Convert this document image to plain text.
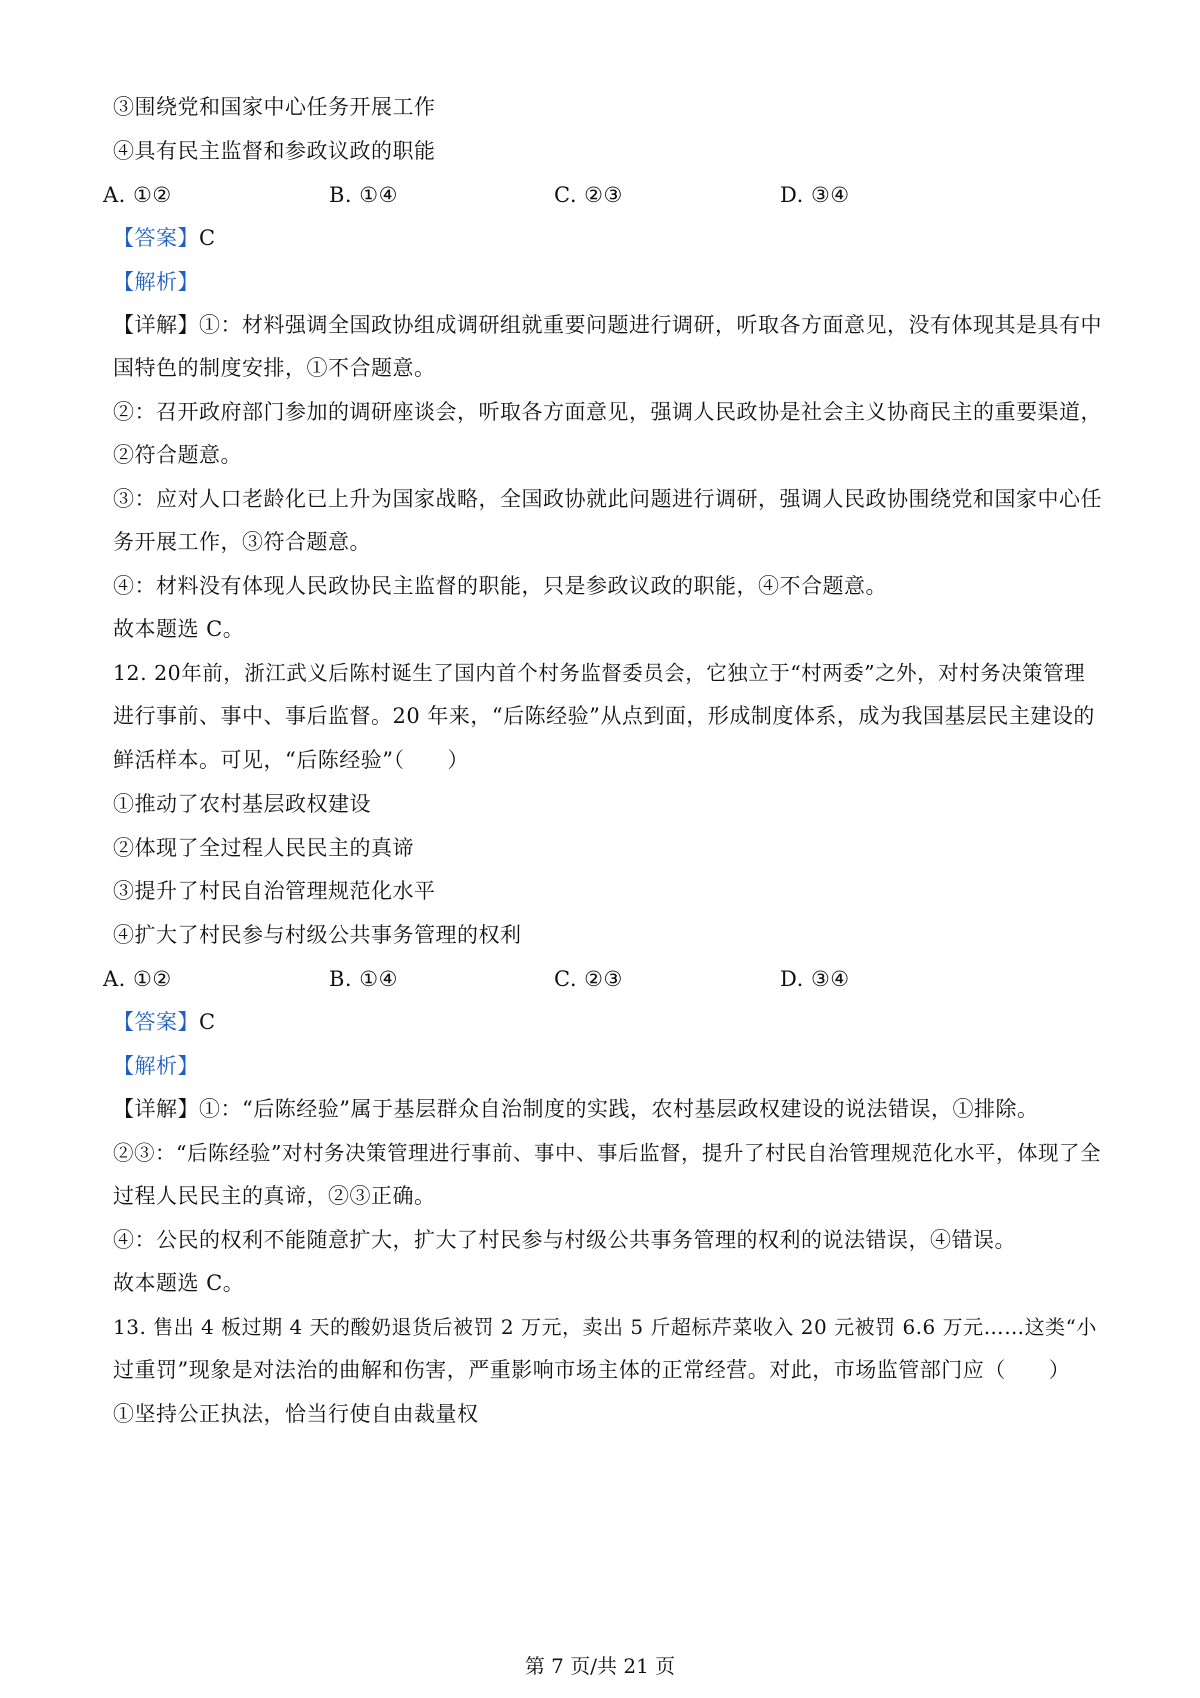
③围绕党和国家中心任务开展工作
④具有民主监督和参政议政的职能
A. ①②	B. ①④	C. ②③	D. ③④
【答案】C
【解析】
【详解】①：材料强调全国政协组成调研组就重要问题进行调研，听取各方面意见，没有体现其是具有中
国特色的制度安排，①不合题意。
②：召开政府部门参加的调研座谈会，听取各方面意见，强调人民政协是社会主义协商民主的重要渠道，
②符合题意。
③：应对人口老龄化已上升为国家战略，全国政协就此问题进行调研，强调人民政协围绕党和国家中心任
务开展工作，③符合题意。
④：材料没有体现人民政协民主监督的职能，只是参政议政的职能，④不合题意。
故本题选 C。
12. 20年前，浙江武义后陈村诞生了国内首个村务监督委员会，它独立于“村两委”之外，对村务决策管理
进行事前、事中、事后监督。20 年来，“后陈经验”从点到面，形成制度体系，成为我国基层民主建设的
鲜活样本。可见，“后陈经验”（　　）
①推动了农村基层政权建设
②体现了全过程人民民主的真谛
③提升了村民自治管理规范化水平
④扩大了村民参与村级公共事务管理的权利
A. ①②	B. ①④	C. ②③	D. ③④
【答案】C
【解析】
【详解】①：“后陈经验”属于基层群众自治制度的实践，农村基层政权建设的说法错误，①排除。
②③：“后陈经验”对村务决策管理进行事前、事中、事后监督，提升了村民自治管理规范化水平，体现了全
过程人民民主的真谛，②③正确。
④：公民的权利不能随意扩大，扩大了村民参与村级公共事务管理的权利的说法错误，④错误。
故本题选 C。
13. 售出 4 板过期 4 天的酸奶退货后被罚 2 万元，卖出 5 斤超标芹菜收入 20 元被罚 6.6 万元……这类“小
过重罚”现象是对法治的曲解和伤害，严重影响市场主体的正常经营。对此，市场监管部门应（　　）
①坚持公正执法，恰当行使自由裁量权
第 7 页/共 21 页
